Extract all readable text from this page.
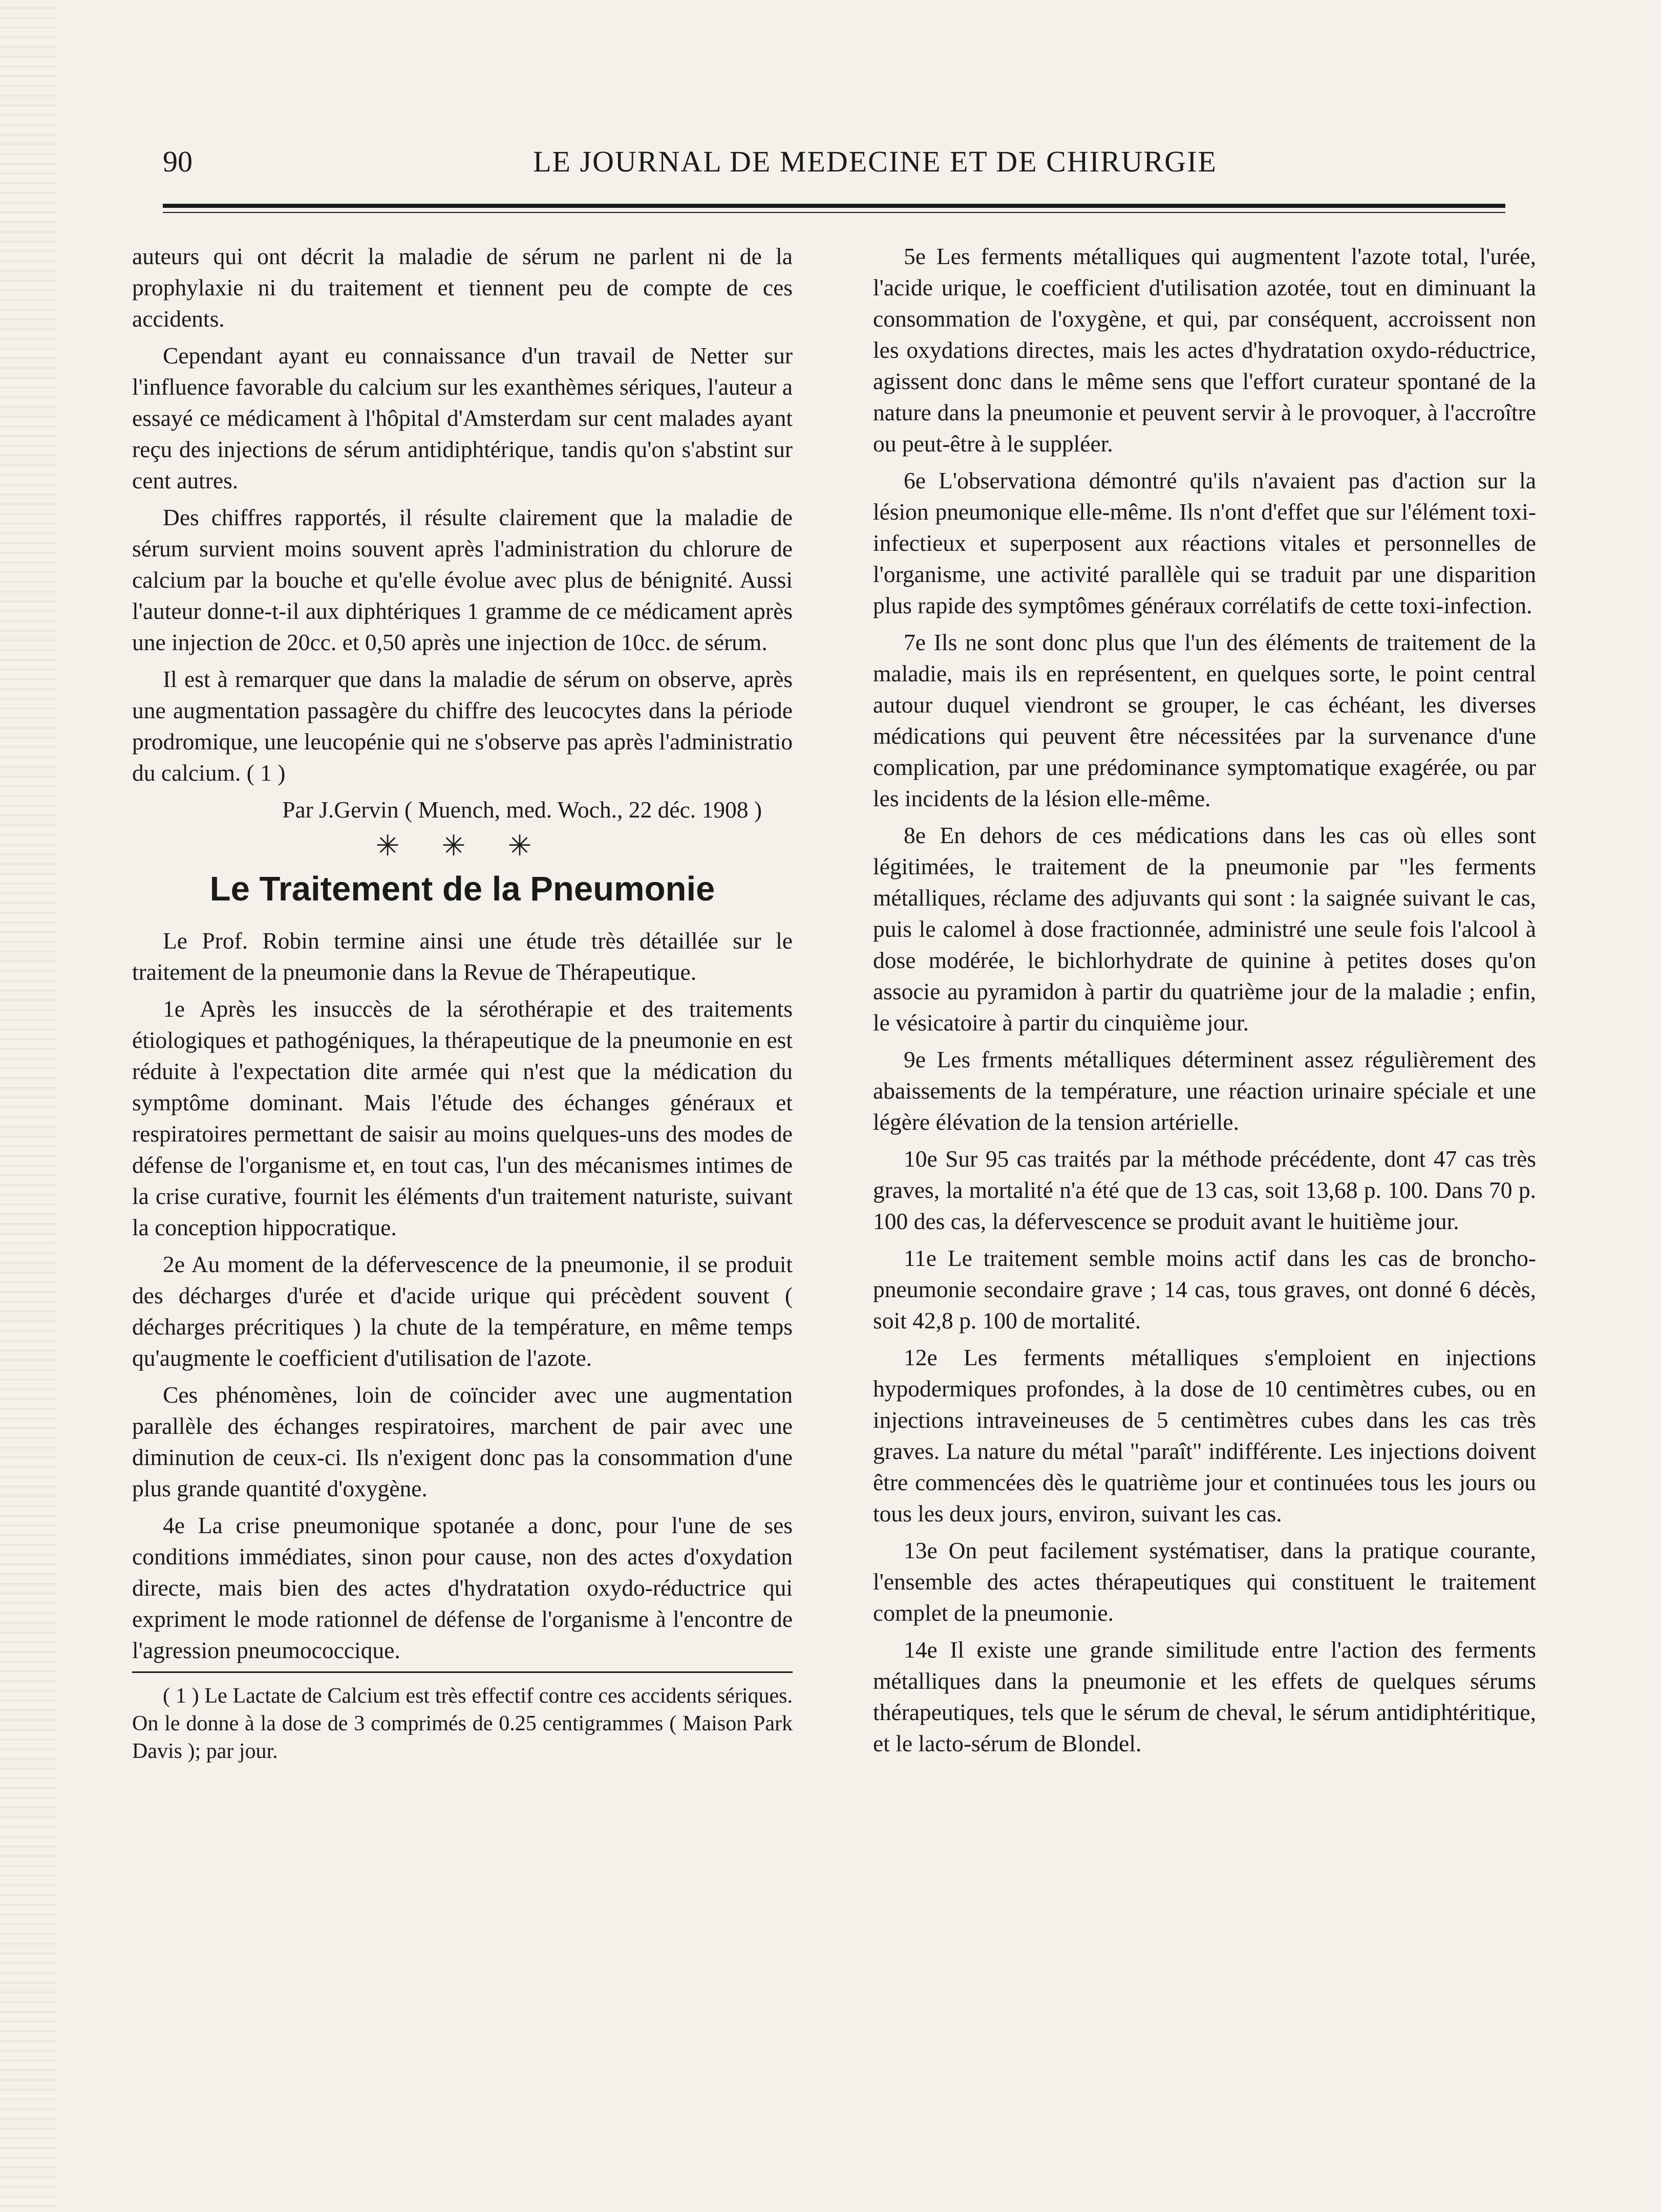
90	LE JOURNAL DE MEDECINE ET DE CHIRURGIE

auteurs qui ont décrit la maladie de sérum ne parlent ni de la prophylaxie ni du traitement et tiennent peu de compte de ces accidents.

Cependant ayant eu connaissance d'un travail de Netter sur l'influence favorable du calcium sur les exanthèmes sériques, l'auteur a essayé ce médicament à l'hôpital d'Amsterdam sur cent malades ayant reçu des injections de sérum antidiphtérique, tandis qu'on s'abstint sur cent autres.

Des chiffres rapportés, il résulte clairement que la maladie de sérum survient moins souvent après l'administration du chlorure de calcium par la bouche et qu'elle évolue avec plus de bénignité. Aussi l'auteur donne-t-il aux diphtériques 1 gramme de ce médicament après une injection de 20cc. et 0,50 après une injection de 10cc. de sérum.

Il est à remarquer que dans la maladie de sérum on observe, après une augmentation passagère du chiffre des leucocytes dans la période prodromique, une leucopénie qui ne s'observe pas après l'administratio du calcium. ( 1 )

Par J.Gervin ( Muench, med. Woch., 22 déc. 1908 )

✳ ✳ ✳
Le Traitement de la Pneumonie

Le Prof. Robin termine ainsi une étude très détaillée sur le traitement de la pneumonie dans la Revue de Thérapeutique.

1e Après les insuccès de la sérothérapie et des traitements étiologiques et pathogéniques, la thérapeutique de la pneumonie en est réduite à l'expectation dite armée qui n'est que la médication du symptôme dominant. Mais l'étude des échanges généraux et respiratoires permettant de saisir au moins quelques-uns des modes de défense de l'organisme et, en tout cas, l'un des mécanismes intimes de la crise curative, fournit les éléments d'un traitement naturiste, suivant la conception hippocratique.

2e Au moment de la défervescence de la pneumonie, il se produit des décharges d'urée et d'acide urique qui précèdent souvent ( décharges précritiques ) la chute de la température, en même temps qu'augmente le coefficient d'utilisation de l'azote.

Ces phénomènes, loin de coïncider avec une augmentation parallèle des échanges respiratoires, marchent de pair avec une diminution de ceux-ci. Ils n'exigent donc pas la consommation d'une plus grande quantité d'oxygène.

4e La crise pneumonique spotanée a donc, pour l'une de ses conditions immédiates, sinon pour cause, non des actes d'oxydation directe, mais bien des actes d'hydratation oxydo-réductrice qui expriment le mode rationnel de défense de l'organisme à l'encontre de l'agression pneumococcique.

( 1 ) Le Lactate de Calcium est très effectif contre ces accidents sériques. On le donne à la dose de 3 comprimés de 0.25 centigrammes ( Maison Park Davis ); par jour.

5e Les ferments métalliques qui augmentent l'azote total, l'urée, l'acide urique, le coefficient d'utilisation azotée, tout en diminuant la consommation de l'oxygène, et qui, par conséquent, accroissent non les oxydations directes, mais les actes d'hydratation oxydo-réductrice, agissent donc dans le même sens que l'effort curateur spontané de la nature dans la pneumonie et peuvent servir à le provoquer, à l'accroître ou peut-être à le suppléer.

6e L'observationa démontré qu'ils n'avaient pas d'action sur la lésion pneumonique elle-même. Ils n'ont d'effet que sur l'élément toxi-infectieux et superposent aux réactions vitales et personnelles de l'organisme, une activité parallèle qui se traduit par une disparition plus rapide des symptômes généraux corrélatifs de cette toxi-infection.

7e Ils ne sont donc plus que l'un des éléments de traitement de la maladie, mais ils en représentent, en quelques sorte, le point central autour duquel viendront se grouper, le cas échéant, les diverses médications qui peuvent être nécessitées par la survenance d'une complication, par une prédominance symptomatique exagérée, ou par les incidents de la lésion elle-même.

8e En dehors de ces médications dans les cas où elles sont légitimées, le traitement de la pneumonie par "les ferments métalliques, réclame des adjuvants qui sont : la saignée suivant le cas, puis le calomel à dose fractionnée, administré une seule fois l'alcool à dose modérée, le bichlorhydrate de quinine à petites doses qu'on associe au pyramidon à partir du quatrième jour de la maladie ; enfin, le vésicatoire à partir du cinquième jour.

9e Les frments métalliques déterminent assez régulièrement des abaissements de la température, une réaction urinaire spéciale et une légère élévation de la tension artérielle.

10e Sur 95 cas traités par la méthode précédente, dont 47 cas très graves, la mortalité n'a été que de 13 cas, soit 13,68 p. 100. Dans 70 p. 100 des cas, la défervescence se produit avant le huitième jour.

11e Le traitement semble moins actif dans les cas de broncho-pneumonie secondaire grave ; 14 cas, tous graves, ont donné 6 décès, soit 42,8 p. 100 de mortalité.

12e Les ferments métalliques s'emploient en injections hypodermiques profondes, à la dose de 10 centimètres cubes, ou en injections intraveineuses de 5 centimètres cubes dans les cas très graves. La nature du métal "paraît" indifférente. Les injections doivent être commencées dès le quatrième jour et continuées tous les jours ou tous les deux jours, environ, suivant les cas.

13e On peut facilement systématiser, dans la pratique courante, l'ensemble des actes thérapeutiques qui constituent le traitement complet de la pneumonie.

14e Il existe une grande similitude entre l'action des ferments métalliques dans la pneumonie et les effets de quelques sérums thérapeutiques, tels que le sérum de cheval, le sérum antidiphtéritique, et le lacto-sérum de Blondel.
